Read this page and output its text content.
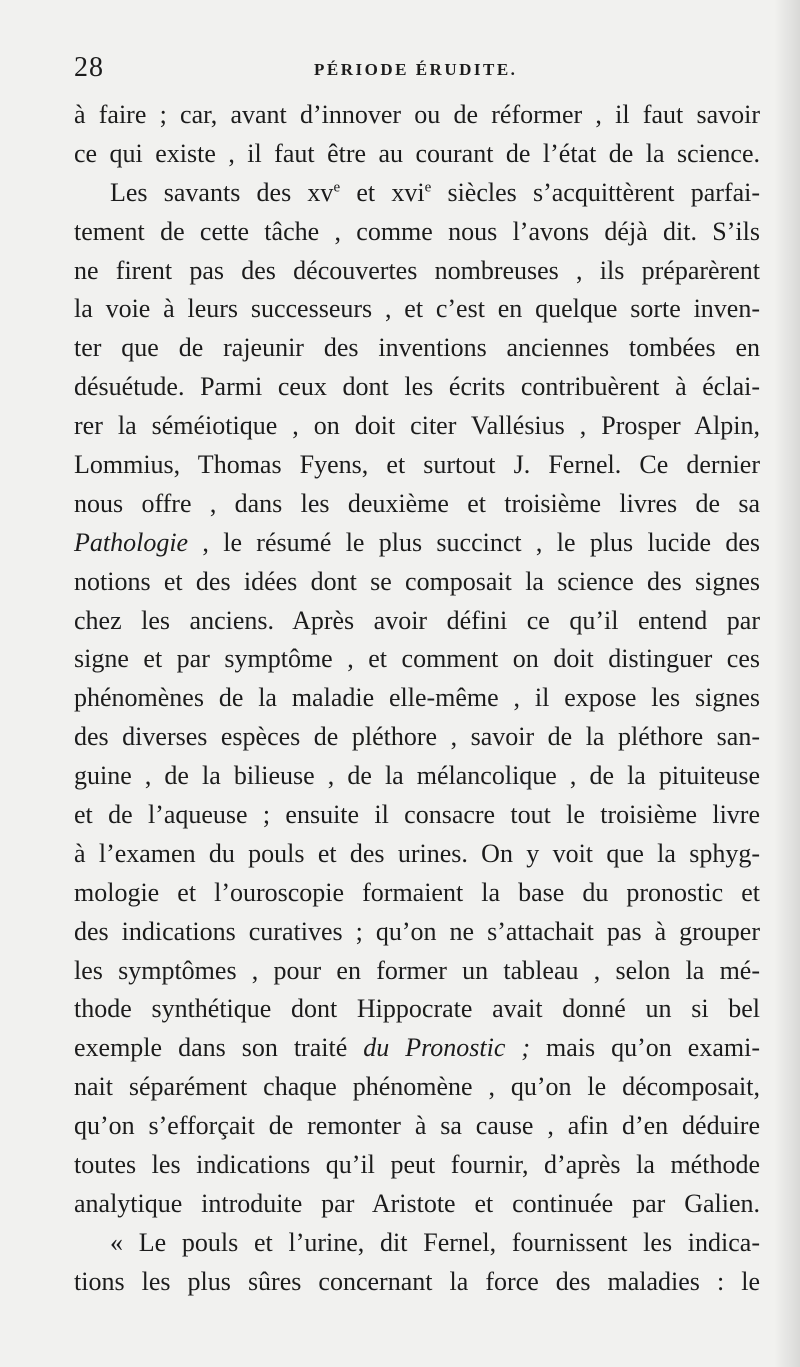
28	PÉRIODE ÉRUDITE.
à faire ; car, avant d’innover ou de réformer , il faut savoir
ce qui existe , il faut être au courant de l’état de la science.
Les savants des $xv^e$ et xvi$^e$ siècles s’acquittèrent parfai-
tement de cette tâche , comme nous l’avons déjà dit. S’ils
ne firent pas des découvertes nombreuses , ils préparèrent
la voie à leurs successeurs , et c’est en quelque sorte inven-
ter que de rajeunir des inventions anciennes tombées en
désuétude. Parmi ceux dont les écrits contribuèrent à éclai-
rer la séméiotique , on doit citer Vallésius , Prosper Alpin,
Lommius, Thomas Fyens, et surtout J. Fernel. Ce dernier
nous offre , dans les deuxième et troisième livres de sa
Pathologie , le résumé le plus succinct , le plus lucide des
notions et des idées dont se composait la science des signes
chez les anciens. Après avoir défini ce qu’il entend par
signe et par symptôme , et comment on doit distinguer ces
phénomènes de la maladie elle-même , il expose les signes
des diverses espèces de pléthore , savoir de la pléthore san-
guine , de la bilieuse , de la mélancolique , de la pituiteuse
et de l’aqueuse ; ensuite il consacre tout le troisième livre
à l’examen du pouls et des urines. On y voit que la sphyg-
mologie et l’ouroscopie formaient la base du pronostic et
des indications curatives ; qu’on ne s’attachait pas à grouper
les symptômes , pour en former un tableau , selon la mé-
thode synthétique dont Hippocrate avait donné un si bel
exemple dans son traité du Pronostic ; mais qu’on exami-
nait séparément chaque phénomène , qu’on le décomposait,
qu’on s’efforçait de remonter à sa cause , afin d’en déduire
toutes les indications qu’il peut fournir, d’après la méthode
analytique introduite par Aristote et continuée par Galien.
« Le pouls et l’urine, dit Fernel, fournissent les indica-
tions les plus sûres concernant la force des maladies : le
